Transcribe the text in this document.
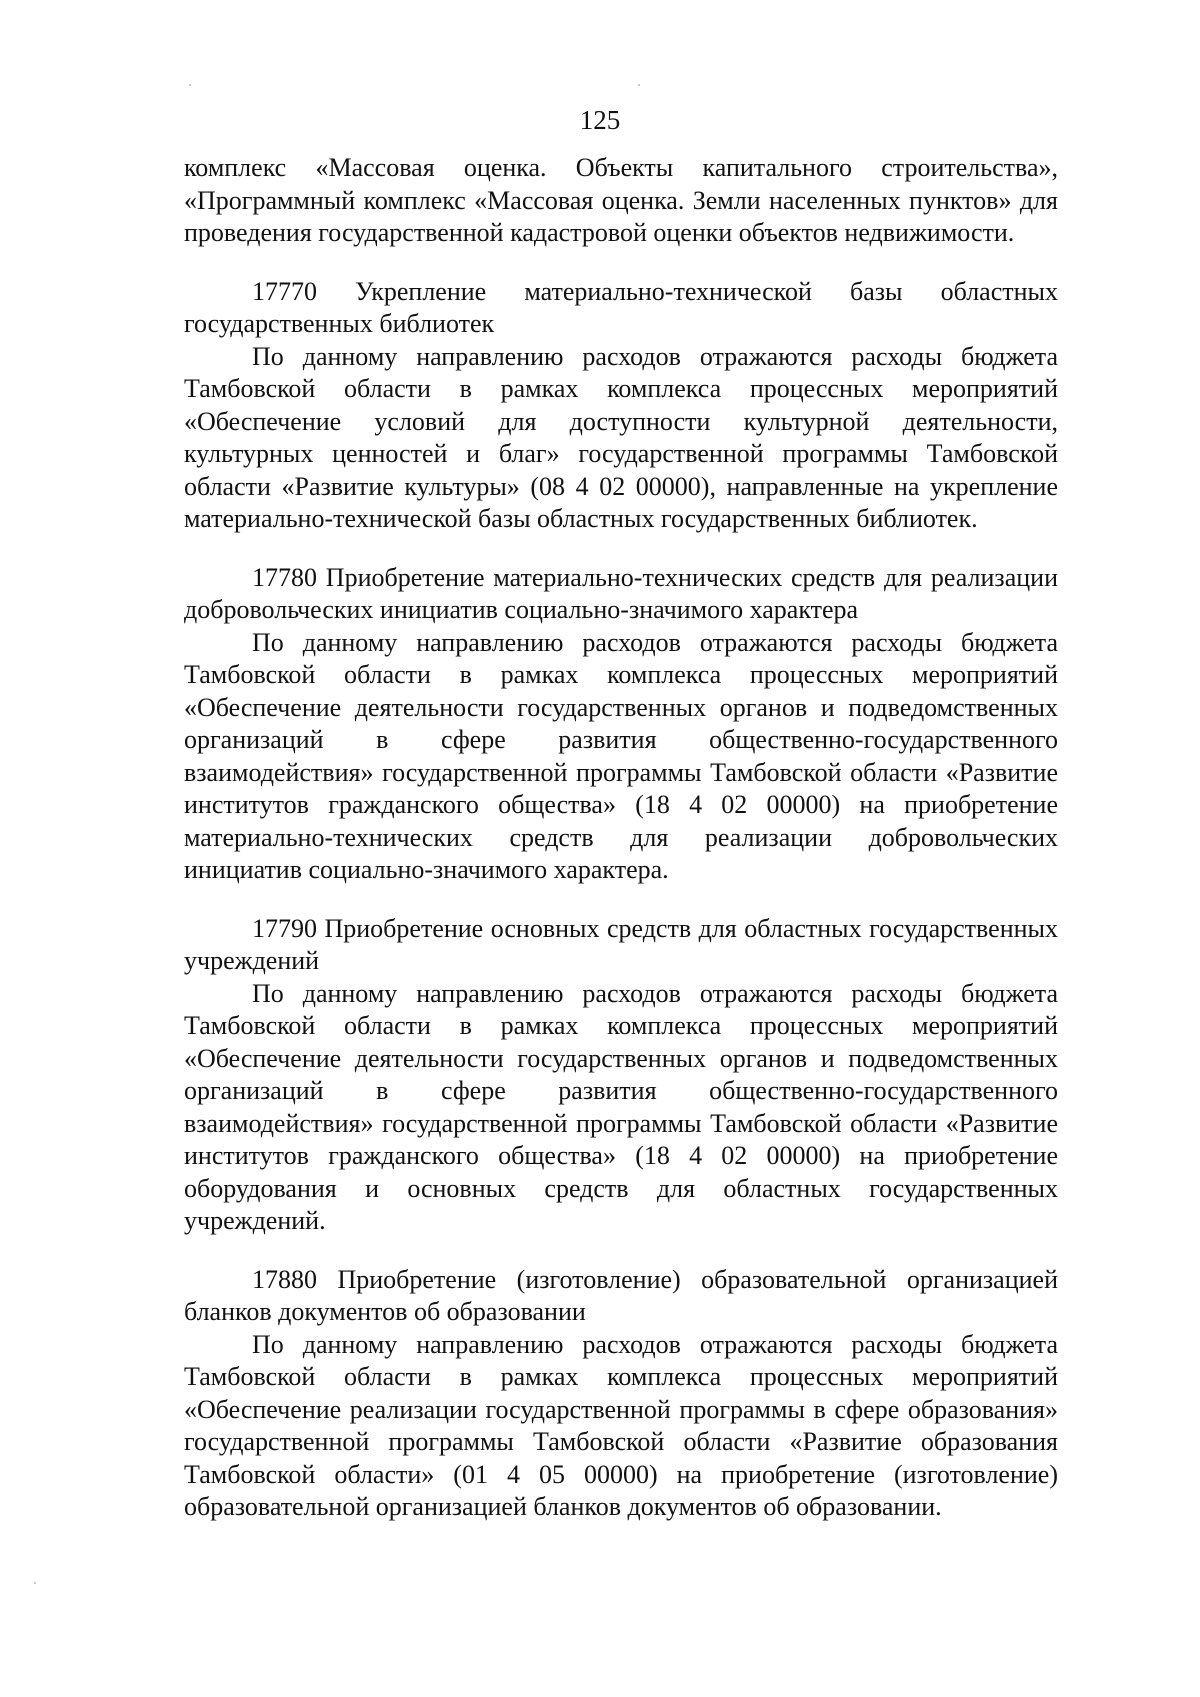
125

комплекс «Массовая оценка. Объекты капитального строительства», «Программный комплекс «Массовая оценка. Земли населенных пунктов» для проведения государственной кадастровой оценки объектов недвижимости.

17770 Укрепление материально-технической базы областных государственных библиотек

По данному направлению расходов отражаются расходы бюджета Тамбовской области в рамках комплекса процессных мероприятий «Обеспечение условий для доступности культурной деятельности, культурных ценностей и благ» государственной программы Тамбовской области «Развитие культуры» (08 4 02 00000), направленные на укрепление материально-технической базы областных государственных библиотек.

17780 Приобретение материально-технических средств для реализации добровольческих инициатив социально-значимого характера

По данному направлению расходов отражаются расходы бюджета Тамбовской области в рамках комплекса процессных мероприятий «Обеспечение деятельности государственных органов и подведомственных организаций в сфере развития общественно-государственного взаимодействия» государственной программы Тамбовской области «Развитие институтов гражданского общества» (18 4 02 00000) на приобретение материально-технических средств для реализации добровольческих инициатив социально-значимого характера.

17790 Приобретение основных средств для областных государственных учреждений

По данному направлению расходов отражаются расходы бюджета Тамбовской области в рамках комплекса процессных мероприятий «Обеспечение деятельности государственных органов и подведомственных организаций в сфере развития общественно-государственного взаимодействия» государственной программы Тамбовской области «Развитие институтов гражданского общества» (18 4 02 00000) на приобретение оборудования и основных средств для областных государственных учреждений.

17880 Приобретение (изготовление) образовательной организацией бланков документов об образовании

По данному направлению расходов отражаются расходы бюджета Тамбовской области в рамках комплекса процессных мероприятий «Обеспечение реализации государственной программы в сфере образования» государственной программы Тамбовской области «Развитие образования Тамбовской области» (01 4 05 00000) на приобретение (изготовление) образовательной организацией бланков документов об образовании.
